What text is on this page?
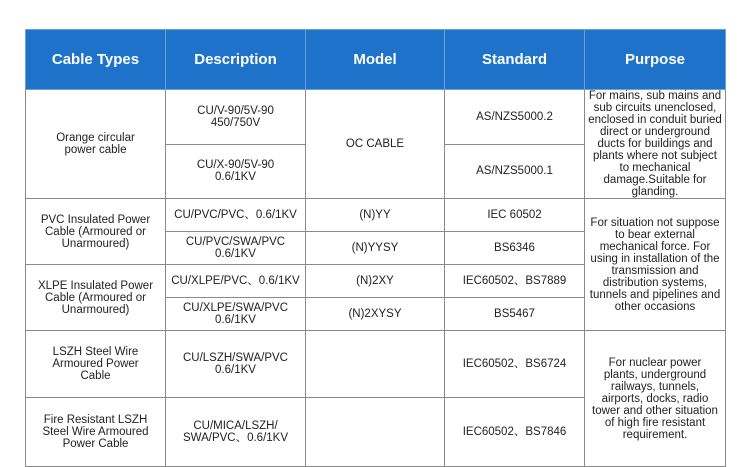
Cable Types	Description	Model	Standard	Purpose

Orange circular power cable	CU/V-90/5V-90 450/750V	OC CABLE	AS/NZS5000.2	For mains, sub mains and sub circuits unenclosed, enclosed in conduit buried direct or underground ducts for buildings and plants where not subject to mechanical damage.Suitable for glanding.

	CU/X-90/5V-90 0.6/1KV		AS/NZS5000.1	
PVC Insulated Power Cable (Armoured or Unarmoured)	CU/PVC/PVC、0.6/1KV	(N)YY	IEC 60502	For situation not suppose to bear external mechanical force. For using in installation of the transmission and distribution systems, tunnels and pipelines and other occasions

	CU/PVC/SWA/PVC 0.6/1KV	(N)YYSY	BS6346	
XLPE Insulated Power Cable (Armoured or Unarmoured)	CU/XLPE/PVC、0.6/1KV	(N)2XY	IEC60502、BS7889	

	CU/XLPE/SWA/PVC 0.6/1KV	(N)2XYSY	BS5467	

LSZH Steel Wire Armoured Power Cable	CU/LSZH/SWA/PVC 0.6/1KV		IEC60502、BS6724	For nuclear power plants, underground railways, tunnels, airports, docks, radio tower and other situation of high fire resistant requirement.

Fire Resistant LSZH Steel Wire Armoured Power Cable	CU/MICA/LSZH/ SWA/PVC、0.6/1KV		IEC60502、BS7846	
